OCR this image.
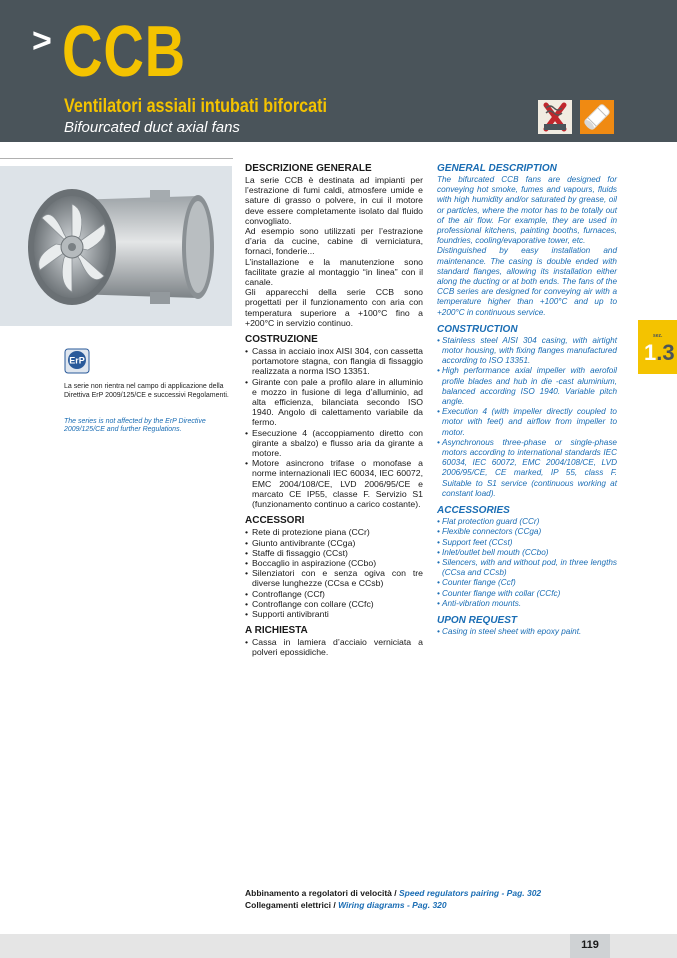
> CCB
Ventilatori assiali intubati biforcati
Bifourcated duct axial fans
ErP
La serie non rientra nel campo di applicazione della Direttiva ErP 2009/125/CE e successivi Regolamenti.
The series is not affected by the ErP Directive 2009/125/CE and further Regulations.
DESCRIZIONE GENERALE

La serie CCB è destinata ad impianti per l’estrazione di fumi caldi, atmosfere umide e sature di grasso o polvere, in cui il motore deve essere completamente isolato dal fluido convogliato.

Ad esempio sono utilizzati per l’estrazione d’aria da cucine, cabine di verniciatura, fornaci, fonderie...

L’installazione e la manutenzione sono facilitate grazie al montaggio “in linea” con il canale.

Gli apparecchi della serie CCB sono progettati per il funzionamento con aria con temperatura superiore a +100°C fino a +200°C in servizio continuo.

COSTRUZIONE
• Cassa in acciaio inox AISI 304, con cassetta portamotore stagna, con flangia di fissaggio realizzata a norma ISO 13351.
• Girante con pale a profilo alare in alluminio e mozzo in fusione di lega d’alluminio, ad alta efficienza, bilanciata secondo ISO 1940. Angolo di calettamento variabile da fermo.
• Esecuzione 4 (accoppiamento diretto con girante a sbalzo) e flusso aria da girante a motore.
• Motore asincrono trifase o monofase a norme internazionali IEC 60034, IEC 60072, EMC 2004/108/CE, LVD 2006/95/CE e marcato CE IP55, classe F. Servizio S1 (funzionamento continuo a carico costante).
ACCESSORI
• Rete di protezione piana (CCr)
• Giunto antivibrante (CCga)
• Staffe di fissaggio (CCst)
• Boccaglio in aspirazione (CCbo)
• Silenziatori con e senza ogiva con tre diverse lunghezze (CCsa e CCsb)
• Controflange (CCf)
• Controflange con collare (CCfc)
• Supporti antivibranti
A RICHIESTA
• Cassa in lamiera d’acciaio verniciata a polveri epossidiche.
GENERAL DESCRIPTION

The bifurcated CCB fans are designed for conveying hot smoke, fumes and vapours, fluids with high humidity and/or saturated by grease, oil or particles, where the motor has to be totally out of the air flow. For example, they are used in professional kitchens, painting booths, furnaces, foundries, cooling/evaporative tower, etc.

Distinguished by easy installation and maintenance. The casing is double ended with standard flanges, allowing its installation either along the ducting or at both ends. The fans of the CCB series are designed for conveying air with a temperature higher than +100°C and up to +200°C in continuous service.

CONSTRUCTION
• Stainless steel AISI 304 casing, with airtight motor housing, with fixing flanges manufactured according to ISO 13351.
• High performance axial impeller with aerofoil profile blades and hub in die -cast aluminium, balanced according ISO 1940. Variable pitch angle.
• Execution 4 (with impeller directly coupled to motor with feet) and airflow from impeller to motor.
• Asynchronous three-phase or single-phase motors according to international standards IEC 60034, IEC 60072, EMC 2004/108/CE, LVD 2006/95/CE, CE marked, IP 55, class F. Suitable to S1 service (continuous working at constant load).
ACCESSORIES
• Flat protection guard (CCr)
• Flexible connectors (CCga)
• Support feet (CCst)
• Inlet/outlet bell mouth (CCbo)
• Silencers, with and without pod, in three lengths (CCsa and CCsb)
• Counter flange (Ccf)
• Counter flange with collar (CCfc)
• Anti-vibration mounts.
UPON REQUEST
• Casing in steel sheet with epoxy paint.
sez.
1.3
Abbinamento a regolatori di velocità / Speed regulators pairing - Pag. 302
Collegamenti elettrici / Wiring diagrams - Pag. 320
119
